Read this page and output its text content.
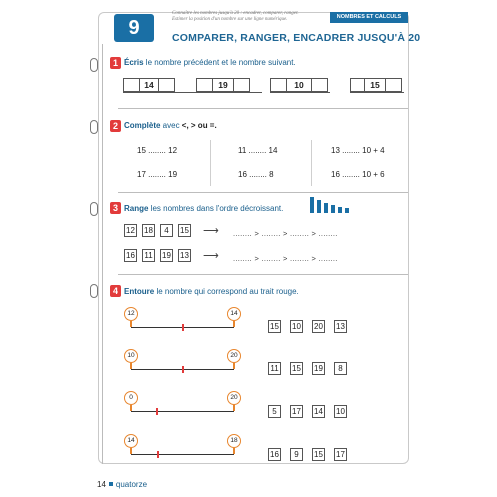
9
Connaître les nombres jusqu'à 20 : encadrer, comparer, ranger.
Estimer la position d'un nombre sur une ligne numérique.	NOMBRES ET CALCULS
COMPARER, RANGER, ENCADRER JUSQU'À 20
1 Écris le nombre précédent et le nombre suivant.
14	19	10	15
2 Complète avec <, > ou =.
15 ........ 12	11 ........ 14	13 ........ 10 + 4
17 ........ 19	16 ........ 8	16 ........ 10 + 6
3 Range les nombres dans l'ordre décroissant.
12 18	4	15 ⟶ ........ > ........ > ........ > ........
16 11 19 13 ⟶ ........ > ........ > ........ > ........
4 Entoure le nombre qui correspond au trait rouge.
12	14
15 10 20 13
10	20
11 15 19	8
0	20
5	17 14 10
14	18
16	9	15 17
14 quatorze
